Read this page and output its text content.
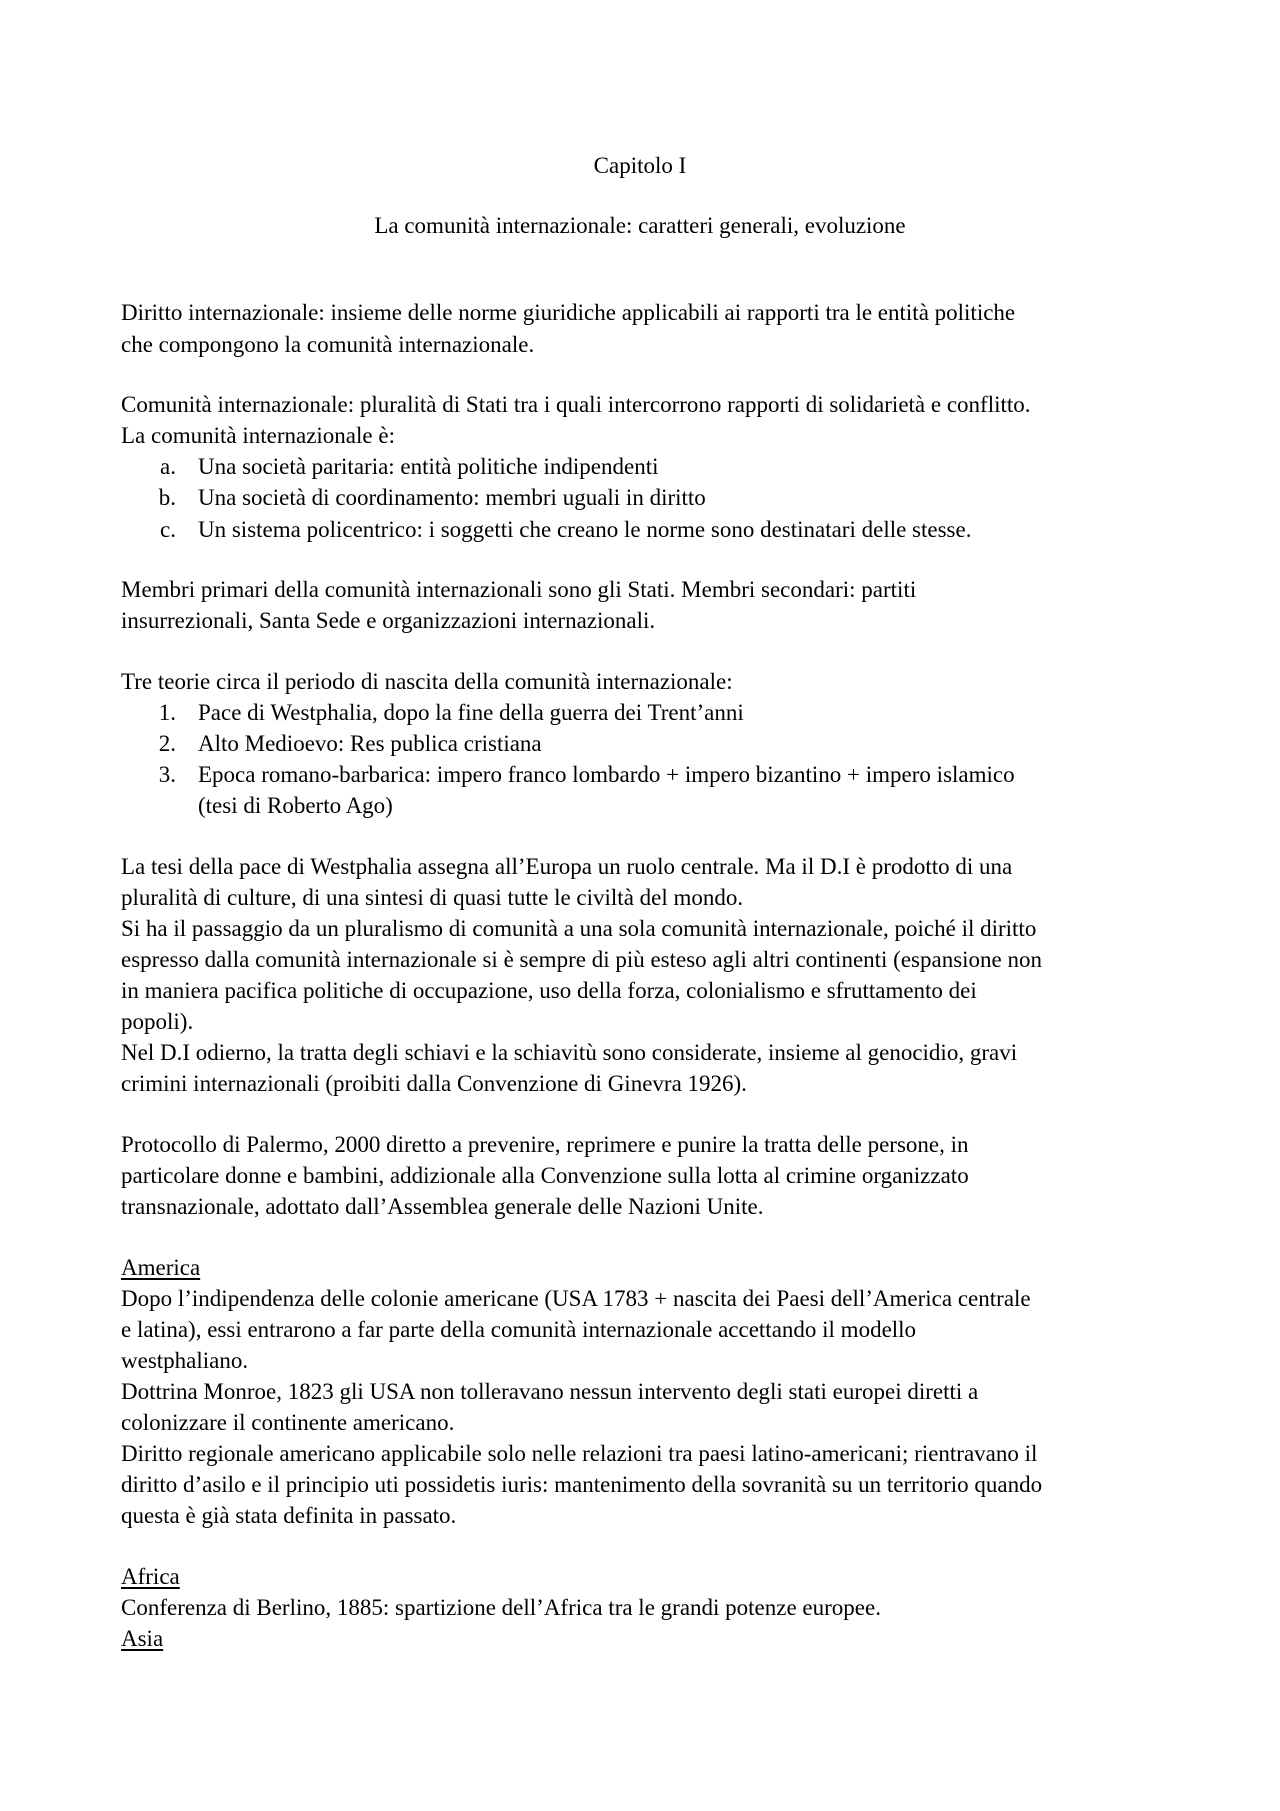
Capitolo I
La comunità internazionale: caratteri generali, evoluzione
Diritto internazionale: insieme delle norme giuridiche applicabili ai rapporti tra le entità politiche
che compongono la comunità internazionale.
Comunità internazionale: pluralità di Stati tra i quali intercorrono rapporti di solidarietà e conflitto.
La comunità internazionale è:
a. Una società paritaria: entità politiche indipendenti
b. Una società di coordinamento: membri uguali in diritto
c. Un sistema policentrico: i soggetti che creano le norme sono destinatari delle stesse.
Membri primari della comunità internazionali sono gli Stati. Membri secondari: partiti
insurrezionali, Santa Sede e organizzazioni internazionali.
Tre teorie circa il periodo di nascita della comunità internazionale:
1. Pace di Westphalia, dopo la fine della guerra dei Trent’anni
2. Alto Medioevo: Res publica cristiana
3. Epoca romano-barbarica: impero franco lombardo + impero bizantino + impero islamico
(tesi di Roberto Ago)
La tesi della pace di Westphalia assegna all’Europa un ruolo centrale. Ma il D.I è prodotto di una
pluralità di culture, di una sintesi di quasi tutte le civiltà del mondo.
Si ha il passaggio da un pluralismo di comunità a una sola comunità internazionale, poiché il diritto
espresso dalla comunità internazionale si è sempre di più esteso agli altri continenti (espansione non
in maniera pacifica politiche di occupazione, uso della forza, colonialismo e sfruttamento dei
popoli).
Nel D.I odierno, la tratta degli schiavi e la schiavitù sono considerate, insieme al genocidio, gravi
crimini internazionali (proibiti dalla Convenzione di Ginevra 1926).
Protocollo di Palermo, 2000 diretto a prevenire, reprimere e punire la tratta delle persone, in
particolare donne e bambini, addizionale alla Convenzione sulla lotta al crimine organizzato
transnazionale, adottato dall’Assemblea generale delle Nazioni Unite.
America
Dopo l’indipendenza delle colonie americane (USA 1783 + nascita dei Paesi dell’America centrale
e latina), essi entrarono a far parte della comunità internazionale accettando il modello
westphaliano.
Dottrina Monroe, 1823 gli USA non tolleravano nessun intervento degli stati europei diretti a
colonizzare il continente americano.
Diritto regionale americano applicabile solo nelle relazioni tra paesi latino-americani; rientravano il
diritto d’asilo e il principio uti possidetis iuris: mantenimento della sovranità su un territorio quando
questa è già stata definita in passato.
Africa
Conferenza di Berlino, 1885: spartizione dell’Africa tra le grandi potenze europee.
Asia
